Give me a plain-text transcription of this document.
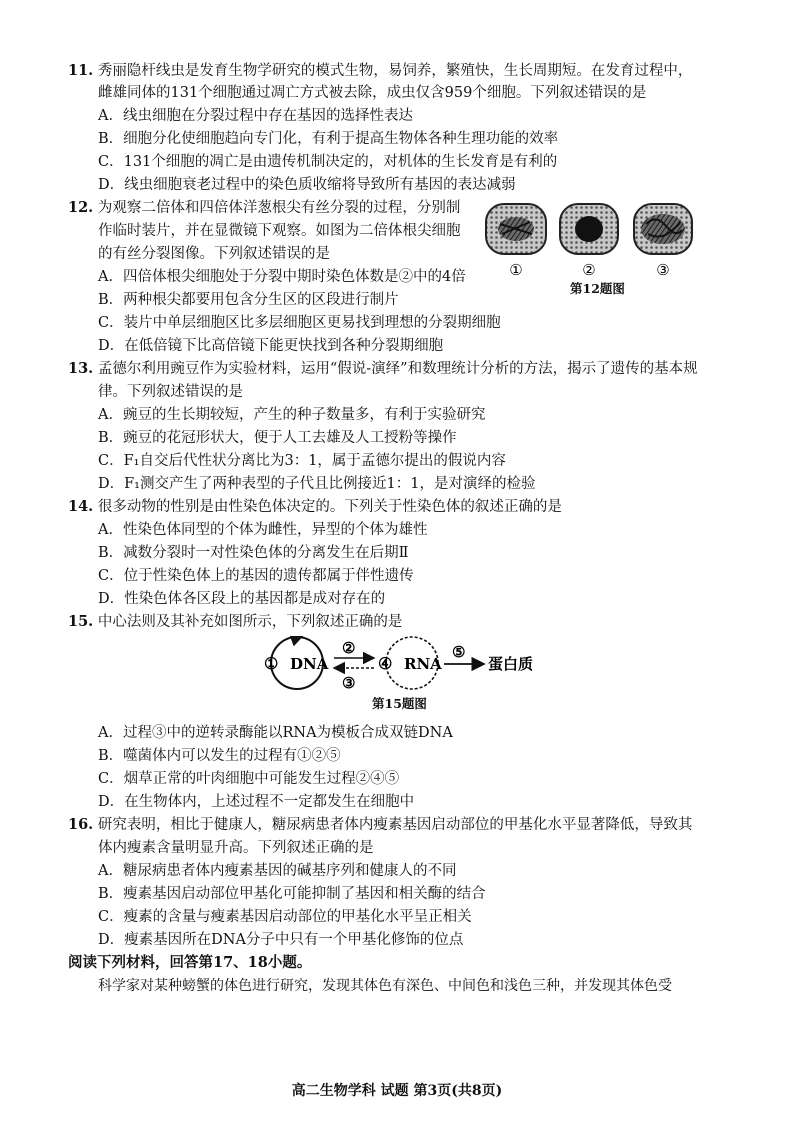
11. 秀丽隐杆线虫是发育生物学研究的模式生物，易饲养，繁殖快，生长周期短。在发育过程中，
雌雄同体的131个细胞通过凋亡方式被去除，成虫仅含959个细胞。下列叙述错误的是
A．线虫细胞在分裂过程中存在基因的选择性表达
B．细胞分化使细胞趋向专门化，有利于提高生物体各种生理功能的效率
C．131个细胞的凋亡是由遗传机制决定的，对机体的生长发育是有利的
D．线虫细胞衰老过程中的染色质收缩将导致所有基因的表达减弱
12. 为观察二倍体和四倍体洋葱根尖有丝分裂的过程，分别制
作临时装片，并在显微镜下观察。如图为二倍体根尖细胞
的有丝分裂图像。下列叙述错误的是
A．四倍体根尖细胞处于分裂中期时染色体数是②中的4倍
B．两种根尖都要用包含分生区的区段进行制片
C．装片中单层细胞区比多层细胞区更易找到理想的分裂期细胞
D．在低倍镜下比高倍镜下能更快找到各种分裂期细胞
①	②	③
第12题图
13. 孟德尔利用豌豆作为实验材料，运用“假说-演绎”和数理统计分析的方法，揭示了遗传的基本规
律。下列叙述错误的是
A．豌豆的生长期较短，产生的种子数量多，有利于实验研究
B．豌豆的花冠形状大，便于人工去雄及人工授粉等操作
C．F₁自交后代性状分离比为3：1，属于孟德尔提出的假说内容
D．F₁测交产生了两种表型的子代且比例接近1：1，是对演绎的检验
14. 很多动物的性别是由性染色体决定的。下列关于性染色体的叙述正确的是
A．性染色体同型的个体为雌性，异型的个体为雄性
B．减数分裂时一对性染色体的分离发生在后期Ⅱ
C．位于性染色体上的基因的遗传都属于伴性遗传
D．性染色体各区段上的基因都是成对存在的
15. 中心法则及其补充如图所示，下列叙述正确的是
① DNA
②
③
④ RNA
⑤
蛋白质
第15题图
A．过程③中的逆转录酶能以RNA为模板合成双链DNA
B．噬菌体内可以发生的过程有①②⑤
C．烟草正常的叶肉细胞中可能发生过程②④⑤
D．在生物体内，上述过程不一定都发生在细胞中
16. 研究表明，相比于健康人，糖尿病患者体内瘦素基因启动部位的甲基化水平显著降低，导致其
体内瘦素含量明显升高。下列叙述正确的是
A．糖尿病患者体内瘦素基因的碱基序列和健康人的不同
B．瘦素基因启动部位甲基化可能抑制了基因和相关酶的结合
C．瘦素的含量与瘦素基因启动部位的甲基化水平呈正相关
D．瘦素基因所在DNA分子中只有一个甲基化修饰的位点
阅读下列材料，回答第17、18小题。
科学家对某种螃蟹的体色进行研究，发现其体色有深色、中间色和浅色三种，并发现其体色受
高二生物学科 试题 第3页(共8页)
